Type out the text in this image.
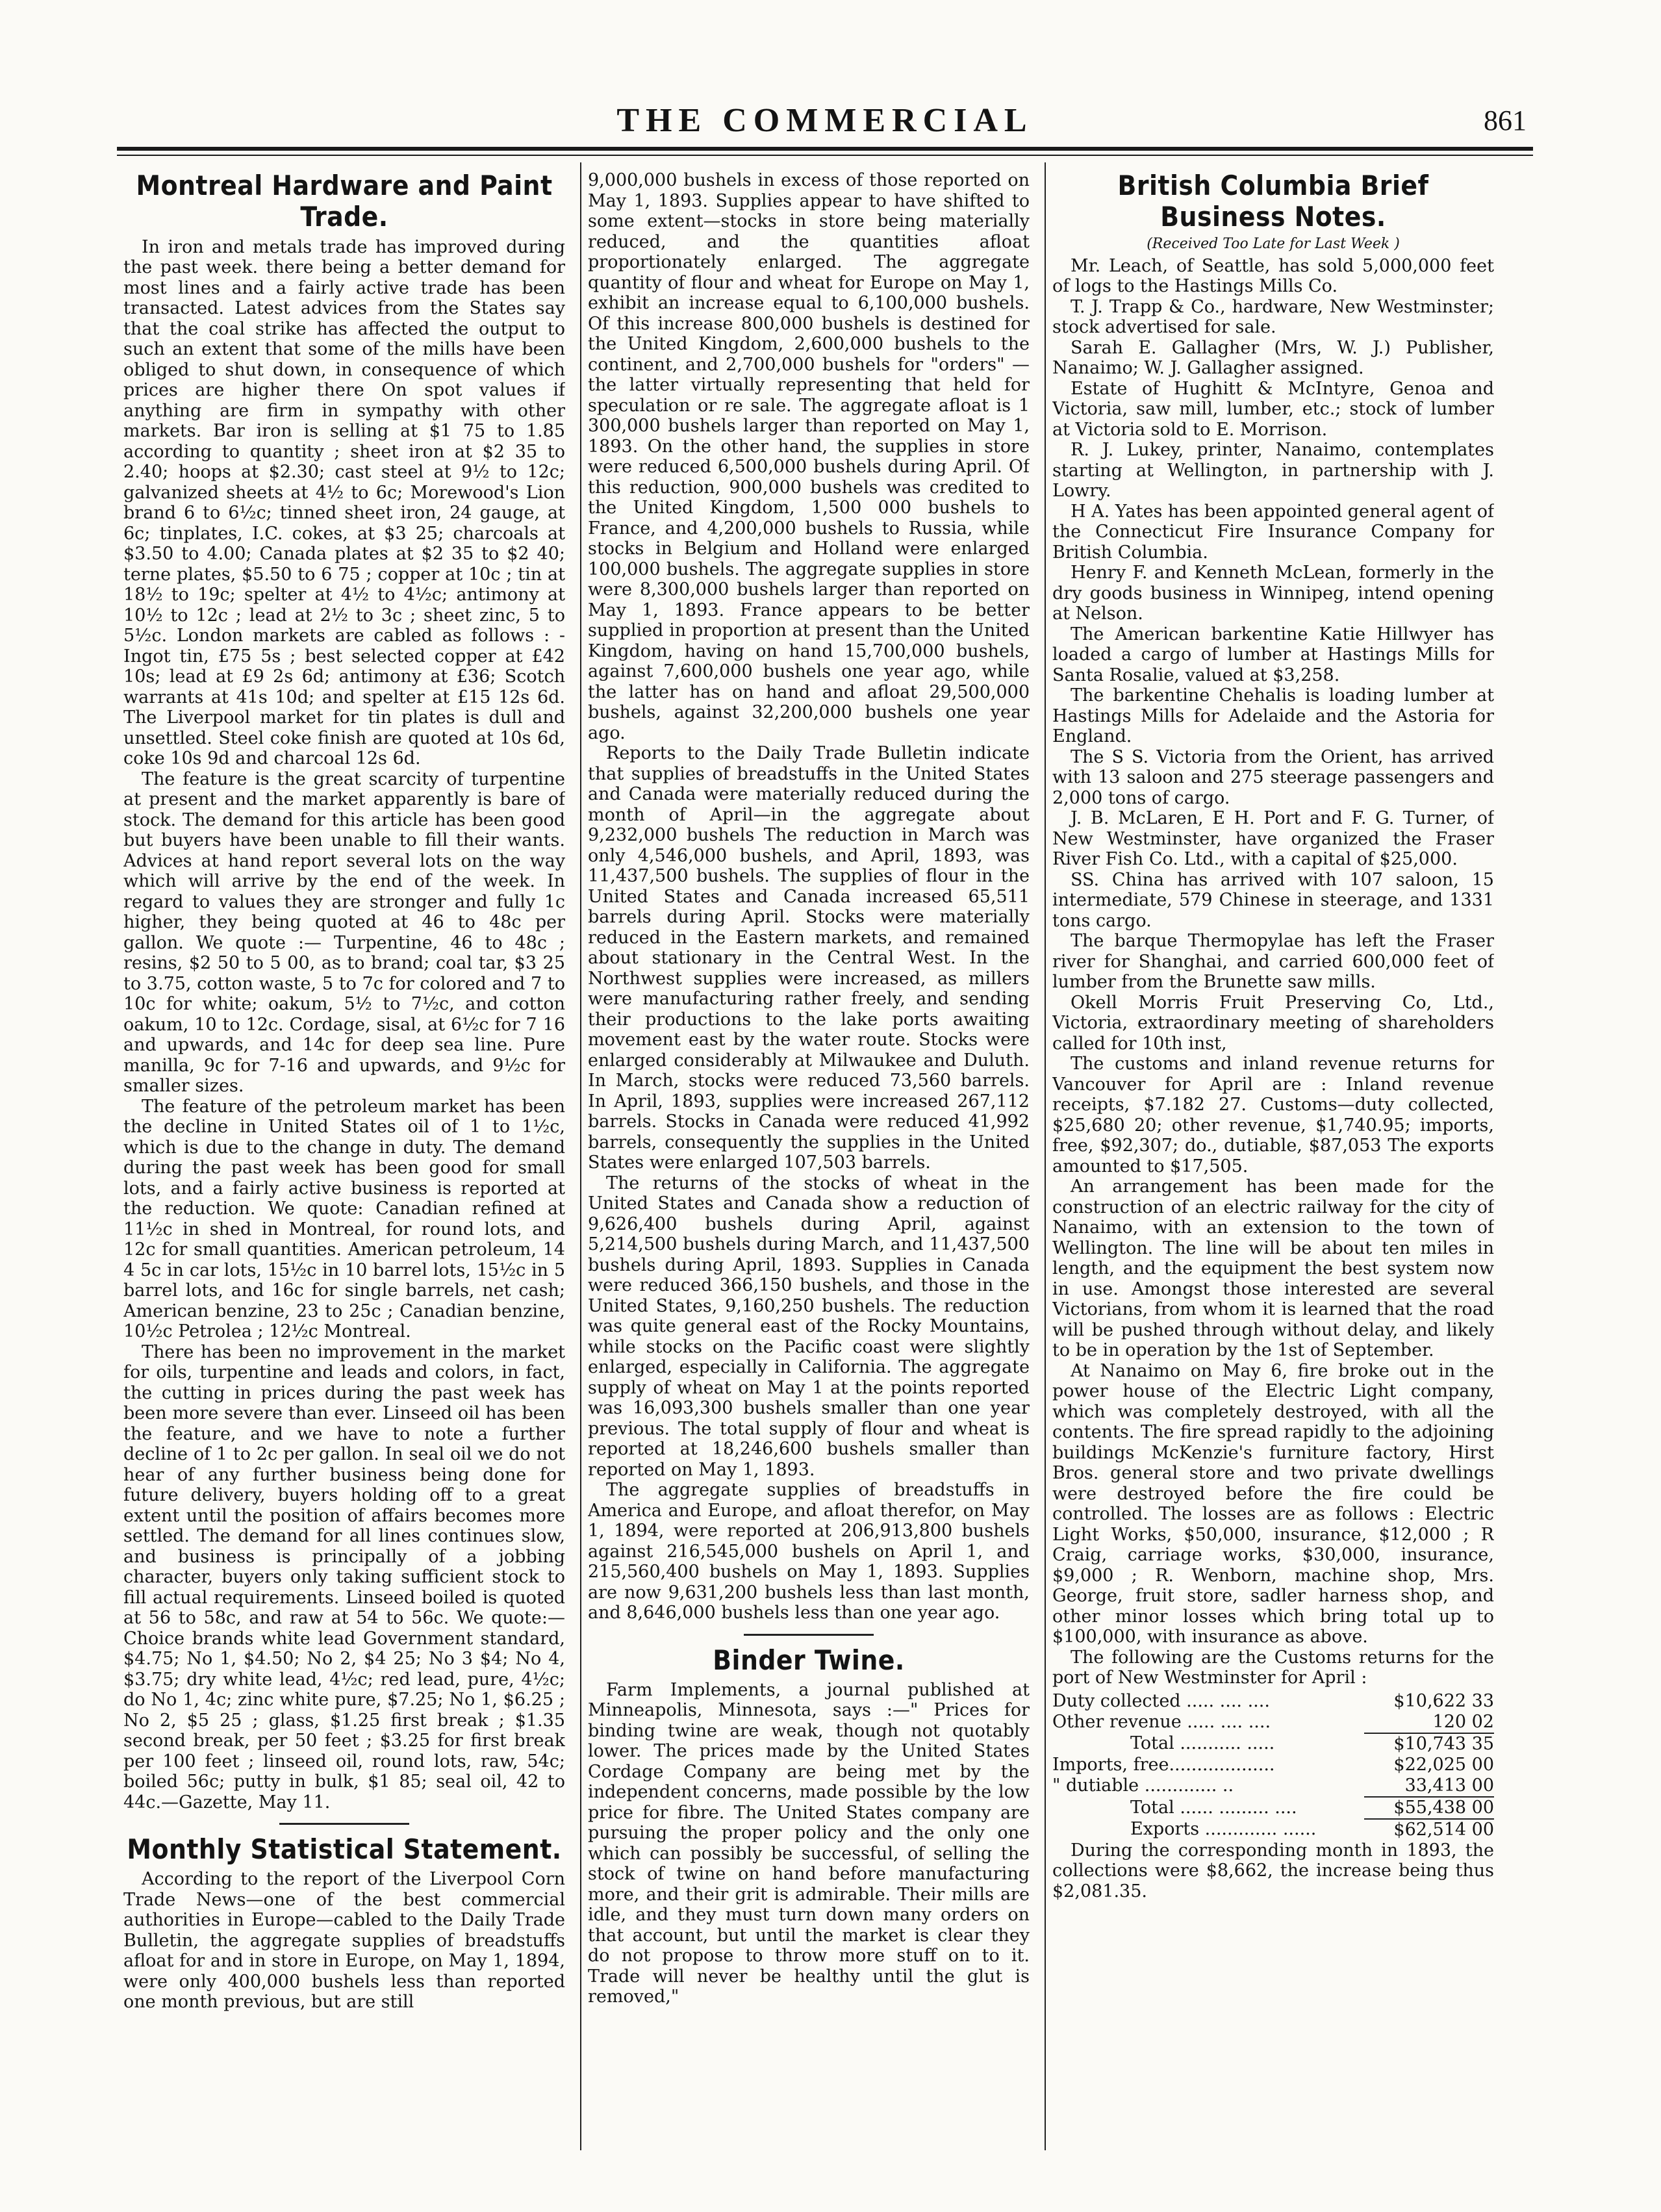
THE COMMERCIAL	861
Montreal Hardware and Paint Trade.

In iron and metals trade has improved during the past week. there being a better demand for most lines and a fairly active trade has been transacted. Latest advices from the States say that the coal strike has affected the output to such an extent that some of the mills have been obliged to shut down, in consequence of which prices are higher there On spot values if anything are firm in sympathy with other markets. Bar iron is selling at $1 75 to 1.85 according to quantity ; sheet iron at $2 35 to 2.40; hoops at $2.30; cast steel at 9½ to 12c; galvanized sheets at 4½ to 6c; Morewood's Lion brand 6 to 6½c; tinned sheet iron, 24 gauge, at 6c; tinplates, I.C. cokes, at $3 25; charcoals at $3.50 to 4.00; Canada plates at $2 35 to $2 40; terne plates, $5.50 to 6 75 ; copper at 10c ; tin at 18½ to 19c; spelter at 4½ to 4½c; antimony at 10½ to 12c ; lead at 2½ to 3c ; sheet zinc, 5 to 5½c. London markets are cabled as follows : - Ingot tin, £75 5s ; best selected copper at £42 10s; lead at £9 2s 6d; antimony at £36; Scotch warrants at 41s 10d; and spelter at £15 12s 6d. The Liverpool market for tin plates is dull and unsettled. Steel coke finish are quoted at 10s 6d, coke 10s 9d and charcoal 12s 6d.

The feature is the great scarcity of turpentine at present and the market apparently is bare of stock. The demand for this article has been good but buyers have been unable to fill their wants. Advices at hand report several lots on the way which will arrive by the end of the week. In regard to values they are stronger and fully 1c higher, they being quoted at 46 to 48c per gallon. We quote :— Turpentine, 46 to 48c ; resins, $2 50 to 5 00, as to brand; coal tar, $3 25 to 3.75, cotton waste, 5 to 7c for colored and 7 to 10c for white; oakum, 5½ to 7½c, and cotton oakum, 10 to 12c. Cordage, sisal, at 6½c for 7 16 and upwards, and 14c for deep sea line. Pure manilla, 9c for 7-16 and upwards, and 9½c for smaller sizes.

The feature of the petroleum market has been the decline in United States oil of 1 to 1½c, which is due to the change in duty. The demand during the past week has been good for small lots, and a fairly active business is reported at the reduction. We quote: Canadian refined at 11½c in shed in Montreal, for round lots, and 12c for small quantities. American petroleum, 14 4 5c in car lots, 15½c in 10 barrel lots, 15½c in 5 barrel lots, and 16c for single barrels, net cash; American benzine, 23 to 25c ; Canadian benzine, 10½c Petrolea ; 12½c Montreal.

There has been no improvement in the market for oils, turpentine and leads and colors, in fact, the cutting in prices during the past week has been more severe than ever. Linseed oil has been the feature, and we have to note a further decline of 1 to 2c per gallon. In seal oil we do not hear of any further business being done for future delivery, buyers holding off to a great extent until the position of affairs becomes more settled. The demand for all lines continues slow, and business is principally of a jobbing character, buyers only taking sufficient stock to fill actual requirements. Linseed boiled is quoted at 56 to 58c, and raw at 54 to 56c. We quote:—Choice brands white lead Government standard, $4.75; No 1, $4.50; No 2, $4 25; No 3 $4; No 4, $3.75; dry white lead, 4½c; red lead, pure, 4½c; do No 1, 4c; zinc white pure, $7.25; No 1, $6.25 ; No 2, $5 25 ; glass, $1.25 first break ; $1.35 second break, per 50 feet ; $3.25 for first break per 100 feet ; linseed oil, round lots, raw, 54c; boiled 56c; putty in bulk, $1 85; seal oil, 42 to 44c.—Gazette, May 11.

Monthly Statistical Statement.

According to the report of the Liverpool Corn Trade News—one of the best commercial authorities in Europe—cabled to the Daily Trade Bulletin, the aggregate supplies of breadstuffs afloat for and in store in Europe, on May 1, 1894, were only 400,000 bushels less than reported one month previous, but are still

9,000,000 bushels in excess of those reported on May 1, 1893. Supplies appear to have shifted to some extent—stocks in store being materially reduced, and the quantities afloat proportionately enlarged. The aggregate quantity of flour and wheat for Europe on May 1, exhibit an increase equal to 6,100,000 bushels. Of this increase 800,000 bushels is destined for the United Kingdom, 2,600,000 bushels to the continent, and 2,700,000 bushels for "orders" —the latter virtually representing that held for speculation or re sale. The aggregate afloat is 1 300,000 bushels larger than reported on May 1, 1893. On the other hand, the supplies in store were reduced 6,500,000 bushels during April. Of this reduction, 900,000 bushels was credited to the United Kingdom, 1,500 000 bushels to France, and 4,200,000 bushels to Russia, while stocks in Belgium and Holland were enlarged 100,000 bushels. The aggregate supplies in store were 8,300,000 bushels larger than reported on May 1, 1893. France appears to be better supplied in proportion at present than the United Kingdom, having on hand 15,700,000 bushels, against 7,600,000 bushels one year ago, while the latter has on hand and afloat 29,500,000 bushels, against 32,200,000 bushels one year ago.

Reports to the Daily Trade Bulletin indicate that supplies of breadstuffs in the United States and Canada were materially reduced during the month of April—in the aggregate about 9,232,000 bushels The reduction in March was only 4,546,000 bushels, and April, 1893, was 11,437,500 bushels. The supplies of flour in the United States and Canada increased 65,511 barrels during April. Stocks were materially reduced in the Eastern markets, and remained about stationary in the Central West. In the Northwest supplies were increased, as millers were manufacturing rather freely, and sending their productions to the lake ports awaiting movement east by the water route. Stocks were enlarged considerably at Milwaukee and Duluth. In March, stocks were reduced 73,560 barrels. In April, 1893, supplies were increased 267,112 barrels. Stocks in Canada were reduced 41,992 barrels, consequently the supplies in the United States were enlarged 107,503 barrels.

The returns of the stocks of wheat in the United States and Canada show a reduction of 9,626,400 bushels during April, against 5,214,500 bushels during March, and 11,437,500 bushels during April, 1893. Supplies in Canada were reduced 366,150 bushels, and those in the United States, 9,160,250 bushels. The reduction was quite general east of the Rocky Mountains, while stocks on the Pacific coast were slightly enlarged, especially in California. The aggregate supply of wheat on May 1 at the points reported was 16,093,300 bushels smaller than one year previous. The total supply of flour and wheat is reported at 18,246,600 bushels smaller than reported on May 1, 1893.

The aggregate supplies of breadstuffs in America and Europe, and afloat therefor, on May 1, 1894, were reported at 206,913,800 bushels against 216,545,000 bushels on April 1, and 215,560,400 bushels on May 1, 1893. Supplies are now 9,631,200 bushels less than last month, and 8,646,000 bushels less than one year ago.

Binder Twine.

Farm Implements, a journal published at Minneapolis, Minnesota, says :—" Prices for binding twine are weak, though not quotably lower. The prices made by the United States Cordage Company are being met by the independent concerns, made possible by the low price for fibre. The United States company are pursuing the proper policy and the only one which can possibly be successful, of selling the stock of twine on hand before manufacturing more, and their grit is admirable. Their mills are idle, and they must turn down many orders on that account, but until the market is clear they do not propose to throw more stuff on to it. Trade will never be healthy until the glut is removed,"

British Columbia Brief Business Notes.
(Received Too Late for Last Week )

Mr. Leach, of Seattle, has sold 5,000,000 feet of logs to the Hastings Mills Co.

T. J. Trapp & Co., hardware, New Westminster; stock advertised for sale.

Sarah E. Gallagher (Mrs, W. J.) Publisher, Nanaimo; W. J. Gallagher assigned.

Estate of Hughitt & McIntyre, Genoa and Victoria, saw mill, lumber, etc.; stock of lumber at Victoria sold to E. Morrison.

R. J. Lukey, printer, Nanaimo, contemplates starting at Wellington, in partnership with J. Lowry.

H A. Yates has been appointed general agent of the Connecticut Fire Insurance Company for British Columbia.

Henry F. and Kenneth McLean, formerly in the dry goods business in Winnipeg, intend opening at Nelson.

The American barkentine Katie Hillwyer has loaded a cargo of lumber at Hastings Mills for Santa Rosalie, valued at $3,258.

The barkentine Chehalis is loading lumber at Hastings Mills for Adelaide and the Astoria for England.

The S S. Victoria from the Orient, has arrived with 13 saloon and 275 steerage passengers and 2,000 tons of cargo.

J. B. McLaren, E H. Port and F. G. Turner, of New Westminster, have organized the Fraser River Fish Co. Ltd., with a capital of $25,000.

SS. China has arrived with 107 saloon, 15 intermediate, 579 Chinese in steerage, and 1331 tons cargo.

The barque Thermopylae has left the Fraser river for Shanghai, and carried 600,000 feet of lumber from the Brunette saw mills.

Okell Morris Fruit Preserving Co, Ltd., Victoria, extraordinary meeting of shareholders called for 10th inst,

The customs and inland revenue returns for Vancouver for April are : Inland revenue receipts, $7.182 27. Customs—duty collected, $25,680 20; other revenue, $1,740.95; imports, free, $92,307; do., dutiable, $87,053 The exports amounted to $17,505.

An arrangement has been made for the construction of an electric railway for the city of Nanaimo, with an extension to the town of Wellington. The line will be about ten miles in length, and the equipment the best system now in use. Amongst those interested are several Victorians, from whom it is learned that the road will be pushed through without delay, and likely to be in operation by the 1st of September.

At Nanaimo on May 6, fire broke out in the power house of the Electric Light company, which was completely destroyed, with all the contents. The fire spread rapidly to the adjoining buildings McKenzie's furniture factory, Hirst Bros. general store and two private dwellings were destroyed before the fire could be controlled. The losses are as follows : Electric Light Works, $50,000, insurance, $12,000 ; R Craig, carriage works, $30,000, insurance, $9,000 ; R. Wenborn, machine shop, Mrs. George, fruit store, sadler harness shop, and other minor losses which bring total up to $100,000, with insurance as above.

The following are the Customs returns for the port of New Westminster for April :

Duty collected ..... .... ....	$10,622 33
Other revenue ..... .... ....	120 02
Total ........... .....	$10,743 35
Imports, free...................	$22,025 00
" dutiable ............. ..	33,413 00
Total ...... ......... ....	$55,438 00
Exports ............. ......	$62,514 00

During the corresponding month in 1893, the collections were $8,662, the increase being thus $2,081.35.
